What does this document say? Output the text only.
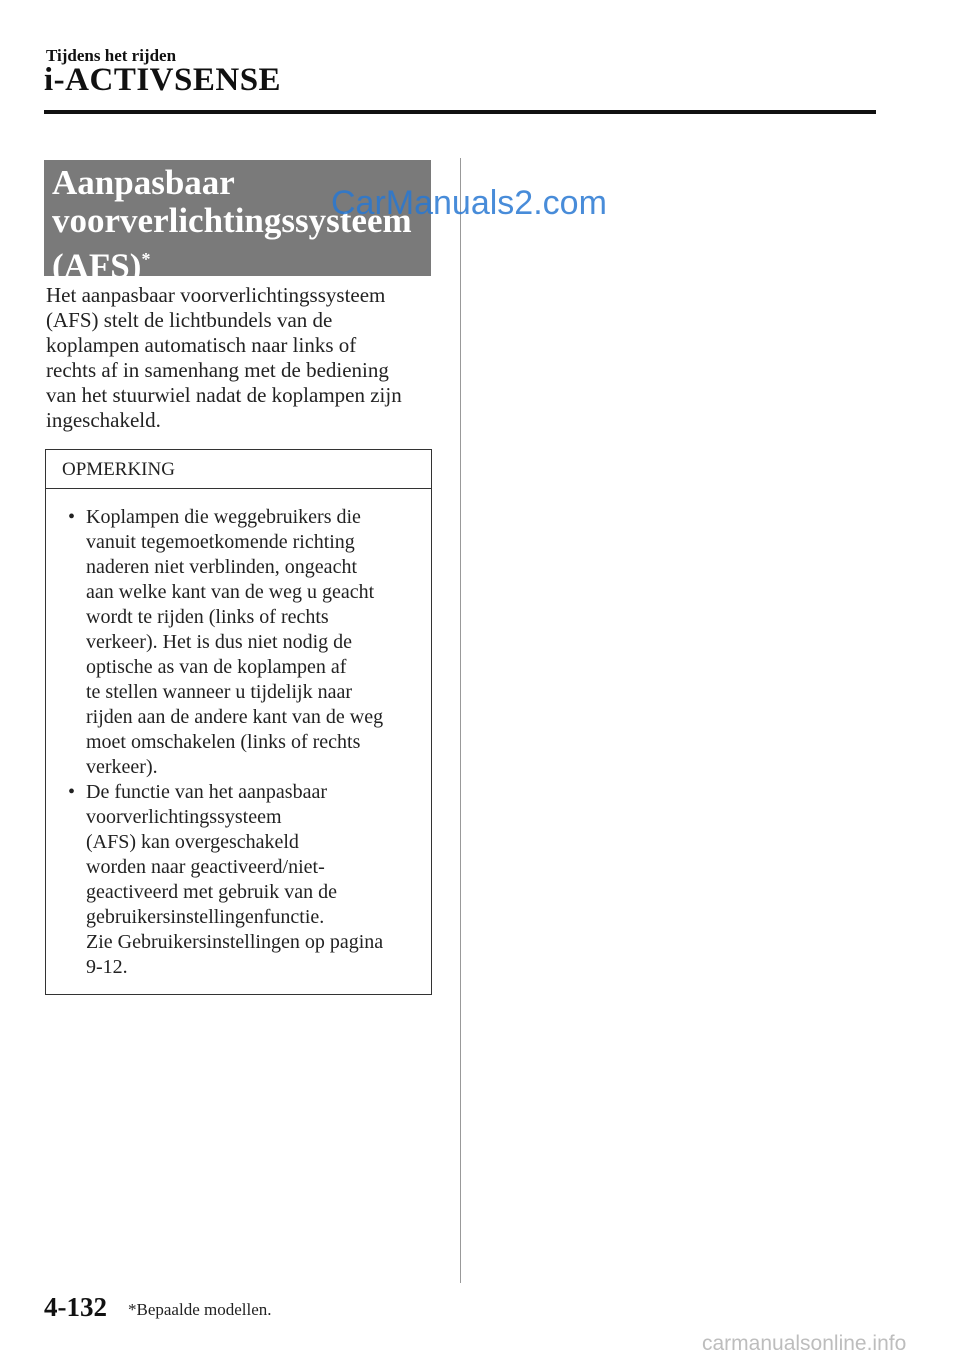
Tijdens het rijden
i-ACTIVSENSE
Aanpasbaar
voorverlichtingssysteem
(AFS)*
CarManuals2.com
Het aanpasbaar voorverlichtingssysteem
(AFS) stelt de lichtbundels van de
koplampen automatisch naar links of
rechts af in samenhang met de bediening
van het stuurwiel nadat de koplampen zijn
ingeschakeld.
OPMERKING
• Koplampen die weggebruikers die
vanuit tegemoetkomende richting
naderen niet verblinden, ongeacht
aan welke kant van de weg u geacht
wordt te rijden (links of rechts
verkeer). Het is dus niet nodig de
optische as van de koplampen af
te stellen wanneer u tijdelijk naar
rijden aan de andere kant van de weg
moet omschakelen (links of rechts
verkeer).
• De functie van het aanpasbaar
voorverlichtingssysteem
(AFS) kan overgeschakeld
worden naar geactiveerd/niet-
geactiveerd met gebruik van de
gebruikersinstellingenfunctie.
Zie Gebruikersinstellingen op pagina
9-12.
4-132 *Bepaalde modellen.
carmanualsonline.info
